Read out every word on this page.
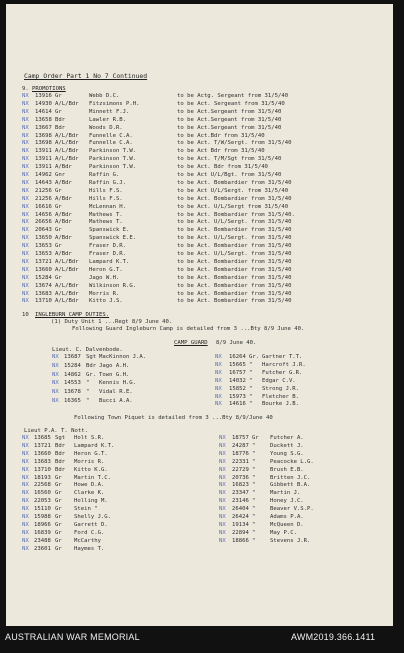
Camp Order Part 1 No 7 Continued
9. PROMOTIONS
NX 13916 Gr	Webb D.C.	to be Actg. Sergeant from 31/5/40
NX 14930 A/L/Bdr Fitzsimons P.H.	to be Act. Sergeant from 31/5/40
NX 14614 Gr	Minnett F.J.	to be Act.Sergeant from 31/5/40
NX 13658 Bdr	Lawler R.B.	to be Act.Sergeant from 31/5/40
NX 13667 Bdr	Woods D.R.	to be Act.Sergeant from 31/5/40
NX 13698 A/L/Bdr Funnelle C.A.	to be Act.Bdr from 31/5/40
NX 13698 A/L/Bdr Funnelle C.A.	to be Act. T/W/Sergt. from 31/5/40
NX 13911 A/L/Bdr Parkinson T.W.	to be Act Bdr from 31/5/40
NX 13911 A/L/Bdr Parkinson T.W.	to be Act. T/M/Sgt from 31/5/40
NX 13911 A/Bdr	Parkinson T.W.	to be Act. Bdr from 31/5/40
NX 14962 Gnr	Raffin G.	to be Act U/L/Bgt. from 31/5/40
NX 14643 A/Bdr	Raffin G.J.	to be Act. Bombardier from 31/5/40
NX 21256 Gr	Hills F.S.	to be Act U/L/Sergt. from 31/5/40
NX 21256 A/Bdr	Hills F.S.	to be Act. Bombardier from 31/5/40
NX 16616 Gr	McLennan H.	to be Act. U/L/Sergt from 31/5/40
NX 14656 A/Bdr	Mathews T.	to be Act. Bombardier from 31/5/40.
NX 26656 A/Bdr	Mathews T.	to be Act. U/L/Sergt. from 31/5/40
NX 20643 Gr	Spanswick E.	to be Act. Bombardier from 31/5/40
NX 13650 A/Bdr	Spanswick E.E.	to be Act. U/L/Sergt. from 31/5/40
NX 13653 Gr	Fraser D.R.	to be Act. Bombardier from 31/5/40
NX 13653 A/Bdr	Fraser D.R.	to be Act. U/L/Sergt. from 31/5/40
NX 13721 A/L/Bdr Lampard K.T.	to be Act. Bombardier from 31/5/40
NX 13660 A/L/Bdr Heron G.T.	to be Act. Bombardier from 31/5/40
NX 15284 Gr	Jago W.H.	to be Act. Bombardier from 31/5/40
NX 13674 A/L/Bdr Wilkinson R.G.	to be Act. Bombardier from 31/5/40
NX 13683 A/L/Bdr Morris R.	to be Act. Bombardier from 31/5/40
NX 13710 A/L/Bdr Kitto J.S.	to be Act. Bombardier from 31/5/40
10 INGLEBURN CAMP DUTIES.
(1) Duty Unit 1 ...Regt 8/9 June 40.
Following Guard Ingleburn Camp is detailed from 3 ...Bty 8/9 June 40.
CAMP GUARD 8/9 June 40.
Lieut. C. Dalvenbode.
NX 13687 Sgt MacKinnon J.A.
NX 15284 Bdr Jago A.H.
NX 14862 Gr. Town G.H.
NX 14553 " Kennis H.G.
NX 13678 " Vidal R.E.
NX 16365 " Bucci A.A.
NX 16264 Gr. Gartner T.T.
NX 15665 " Harcroft J.R.
NX 16757 " Futcher G.R.
NX 14032 " Edgar C.V.
NX 15852 " Strong J.R.
NX 15973 " Fletcher B.
NX 14616 " Bourke J.B.
Following Town Piquet is detailed from 3 ...Bty 8/9/June 40
Lieut P.A. T. Nott.
NX 13685 Sgt Holt S.R.
NX 13721 Bdr Lampard K.T.
NX 13660 Bdr Heron G.T.
NX 13683 Bdr Morris R.
NX 13710 Bdr Kitto K.G.
NX 18193 Gr Martin T.C.
NX 22568 Gr Howe D.A.
NX 16560 Gr Clarke K.
NX 22053 Gr Holling M.
NX 15110 Gr Stein "
NX 15988 Gr Shelly J.G.
NX 18966 Gr Garrett D.
NX 16839 Gr Ford C.G.
NX 23488 Gr McCarthy
NX 23601 Gr Haymes T.
NX 18757 Gr Futcher A.
NX 24287 "	Duckett J.
NX 18776 "	Young S.G.
NX 22331 "	Peacocke L.G.
NX 22729 "	Brush E.B.
NX 20736 "	Britten J.C.
NX 16823 "	Gibbett B.A.
NX 23347 "	Martin J.
NX 23146 "	Honey J.C.
NX 26404 "	Beaver V.S.P.
NX 26424 "	Adams P.A.
NX 19134 "	McQueen D.
NX 22894 "	May P.C.
NX 18866 "	Stevens J.R.
AUSTRALIAN WAR MEMORIAL	AWM2019.366.1411
